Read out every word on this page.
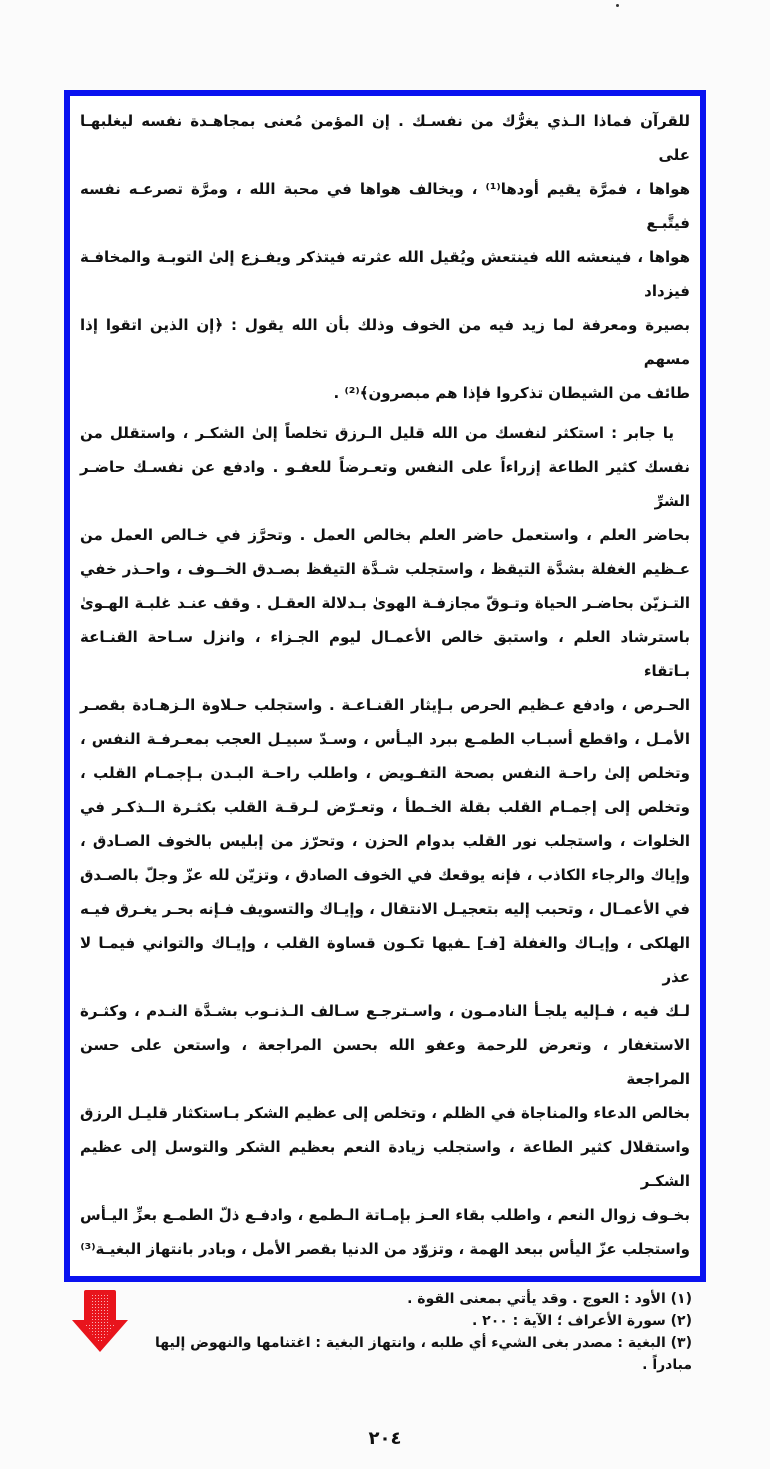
للقرآن فماذا الـذي يغرُّك من نفسـك . إن المؤمن مُعنى بمجاهـدة نفسه ليغلبهـا على
هواها ، فمرَّة يقيم أودها⁽¹⁾ ، ويخالف هواها في محبة الله ، ومرَّة تصرعـه نفسه فيتَّبـع
هواها ، فينعشه الله فينتعش ويُقيل الله عثرته فيتذكر ويفـزع إلىٰ التوبـة والمخافـة فيزداد
بصيرة ومعرفة لما زيد فيه من الخوف وذلك بأن الله يقول : ﴿إن الذين اتقوا إذا مسهم
طائف من الشيطان تذكروا فإذا هم مبصرون﴾⁽²⁾ .
يا جابر : استكثر لنفسك من الله قليل الـرزق تخلصاً إلىٰ الشكـر ، واستقلل من
نفسك كثير الطاعة إزراءاً على النفس وتعـرضاً للعفـو . وادفع عن نفسـك حاضـر الشرِّ
بحاضر العلم ، واستعمل حاضر العلم بخالص العمل . وتحرَّز في خـالص العمل من
عـظيم الغفلة بشدَّة التيقظ ، واستجلب شـدَّة التيقظ بصـدق الخــوف ، واحـذر خفي
التـزيّن بحاضـر الحياة وتـوقّ مجازفـة الهوىٰ بـدلالة العقـل . وقف عنـد غلبـة الهـوىٰ
باسترشاد العلم ، واستبق خالص الأعمـال ليوم الجـزاء ، وانزل سـاحة القنـاعة بـاتقاء
الحـرص ، وادفع عـظيم الحرص بـإيثار القنـاعـة . واستجلب حـلاوة الـزهـادة بقصـر
الأمـل ، واقطع أسبـاب الطمـع ببرد اليـأس ، وسـدّ سبيـل العجب بمعـرفـة النفس ،
وتخلص إلىٰ راحـة النفس بصحة التفـويض ، واطلب راحـة البـدن بـإجمـام القلب ،
وتخلص إلى إجمـام القلب بقلة الخـطأ ، وتعـرّض لـرقـة القلب بكثـرة الــذكـر في
الخلوات ، واستجلب نور القلب بدوام الحزن ، وتحرّز من إبليس بالخوف الصـادق ،
وإياك والرجاء الكاذب ، فإنه يوقعك في الخوف الصادق ، وتزيّن لله عزّ وجلّ بالصـدق
في الأعمـال ، وتحبب إليه بتعجيـل الانتقال ، وإيـاك والتسويف فـإنه بحـر يغـرق فيـه
الهلكى ، وإيـاك والغفلة [فـ] ـفيها تكـون قساوة القلب ، وإيـاك والتواني فيمـا لا عذر
لـك فيه ، فـإليه يلجـأ النادمـون ، واسـترجـع سـالف الـذنـوب بشـدَّة النـدم ، وكثـرة
الاستغفار ، وتعرض للرحمة وعفو الله بحسن المراجعة ، واستعن على حسن المراجعة
بخالص الدعاء والمناجاة في الظلم ، وتخلص إلى عظيم الشكر بـاستكثار قليـل الرزق
واستقلال كثير الطاعة ، واستجلب زيادة النعم بعظيم الشكر والتوسل إلى عظيم الشكـر
بخـوف زوال النعم ، واطلب بقاء العـز بإمـاتة الـطمع ، وادفـع ذلّ الطمـع بعزِّ اليـأس
واستجلب عزّ اليأس ببعد الهمة ، وتزوّد من الدنيا بقصر الأمل ، وبادر بانتهاز البغيـة⁽³⁾
(١) الأود : العوج . وقد يأتي بمعنى القوة .
(٢) سورة الأعراف ؛ الآية : ٢٠٠ .
(٣) البغية : مصدر بغى الشيء أي طلبه ، وانتهاز البغية : اغتنامها والنهوض إليها مبادراً .
٢٠٤
